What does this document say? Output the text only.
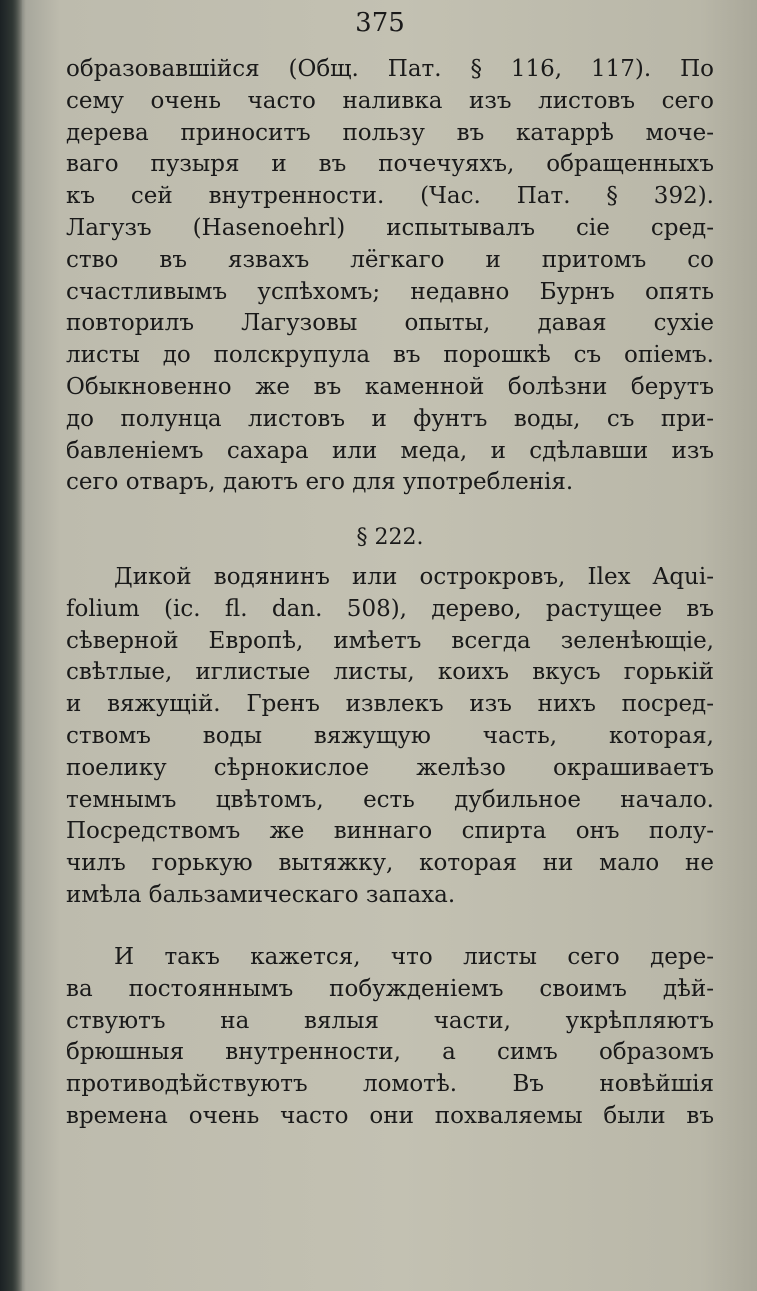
375
образовавшійся (Общ. Пат. § 116, 117). По
сему очень часто наливка изъ листовъ сего
дерева приноситъ пользу въ катаррѣ моче-
ваго пузыря и въ почечуяхъ, обращенныхъ
къ сей внутренности. (Час. Пат. § 392).
Лагузъ (Hasenoehrl) испытывалъ сіе сред-
ство въ язвахъ лёгкаго и притомъ со
счастливымъ успѣхомъ; недавно Бурнъ опять
повторилъ Лагузовы опыты, давая сухіе
листы до полскрупула въ порошкѣ съ опіемъ.
Обыкновенно же въ каменной болѣзни берутъ
до полунца листовъ и фунтъ воды, съ при-
бавленіемъ сахара или меда, и сдѣлавши изъ
сего отваръ, даютъ его для употребленія.
§ 222.
Дикой водянинъ или острокровъ, Ilex Aqui-
folium (ic. fl. dan. 508), дерево, растущее въ
сѣверной Европѣ, имѣетъ всегда зеленѣющіе,
свѣтлые, иглистые листы, коихъ вкусъ горькій
и вяжущій. Гренъ извлекъ изъ нихъ посред-
ствомъ воды вяжущую часть, которая,
поелику сѣрнокислое желѣзо окрашиваетъ
темнымъ цвѣтомъ, есть дубильное начало.
Посредствомъ же виннаго спирта онъ полу-
чилъ горькую вытяжку, которая ни мало не
имѣла бальзамическаго запаха.
И такъ кажется, что листы сего дере-
ва постояннымъ побужденіемъ своимъ дѣй-
ствуютъ на вялыя части, укрѣпляютъ
брюшныя внутренности, а симъ образомъ
противодѣйствуютъ ломотѣ. Въ новѣйшія
времена очень часто они похваляемы были въ
